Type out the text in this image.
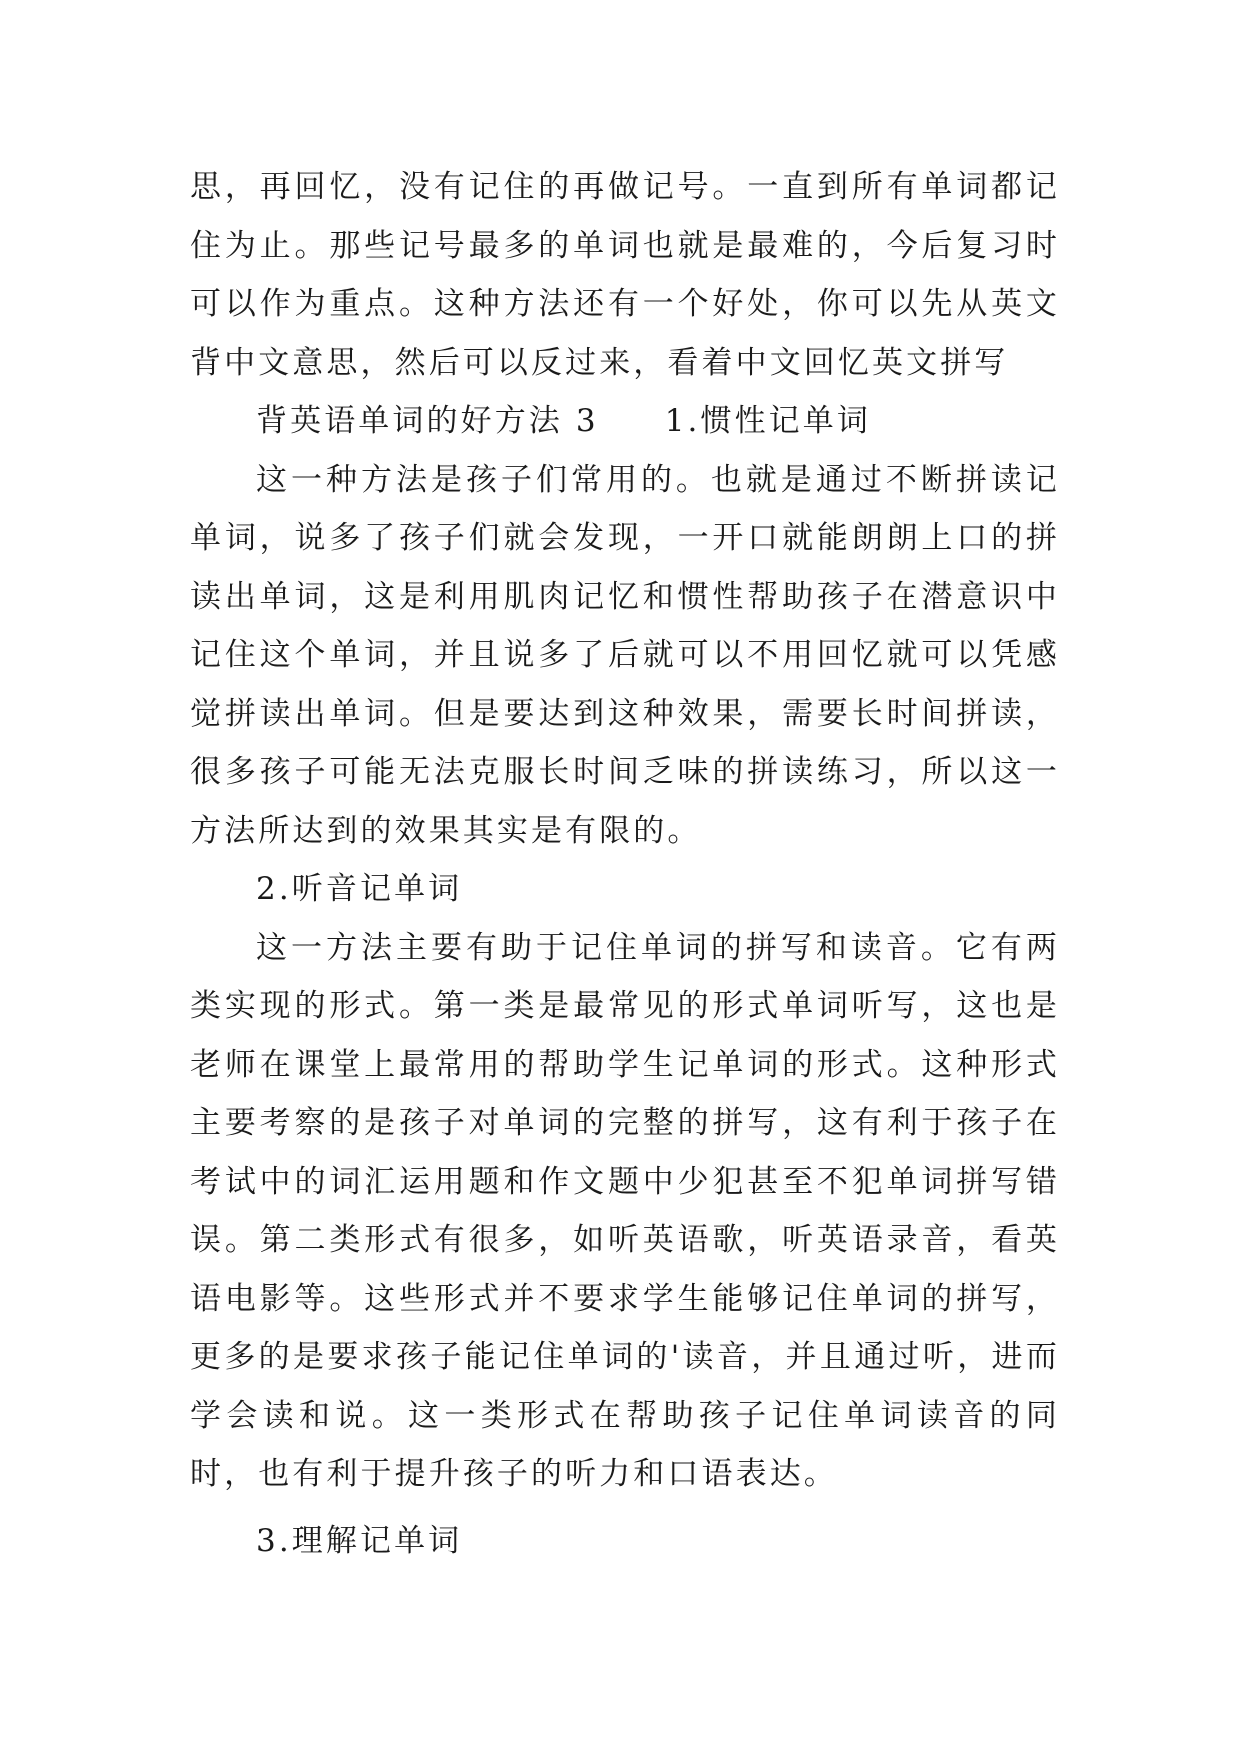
思，再回忆，没有记住的再做记号。一直到所有单词都记住为止。那些记号最多的单词也就是最难的，今后复习时可以作为重点。这种方法还有一个好处，你可以先从英文背中文意思，然后可以反过来，看着中文回忆英文拼写

背英语单词的好方法 3 1.惯性记单词

这一种方法是孩子们常用的。也就是通过不断拼读记单词，说多了孩子们就会发现，一开口就能朗朗上口的拼读出单词，这是利用肌肉记忆和惯性帮助孩子在潜意识中记住这个单词，并且说多了后就可以不用回忆就可以凭感觉拼读出单词。但是要达到这种效果，需要长时间拼读，很多孩子可能无法克服长时间乏味的拼读练习，所以这一方法所达到的效果其实是有限的。

2.听音记单词

这一方法主要有助于记住单词的拼写和读音。它有两类实现的形式。第一类是最常见的形式单词听写，这也是老师在课堂上最常用的帮助学生记单词的形式。这种形式主要考察的是孩子对单词的完整的拼写，这有利于孩子在考试中的词汇运用题和作文题中少犯甚至不犯单词拼写错误。第二类形式有很多，如听英语歌，听英语录音，看英语电影等。这些形式并不要求学生能够记住单词的拼写，更多的是要求孩子能记住单词的'读音，并且通过听，进而学会读和说。这一类形式在帮助孩子记住单词读音的同时，也有利于提升孩子的听力和口语表达。

3.理解记单词
